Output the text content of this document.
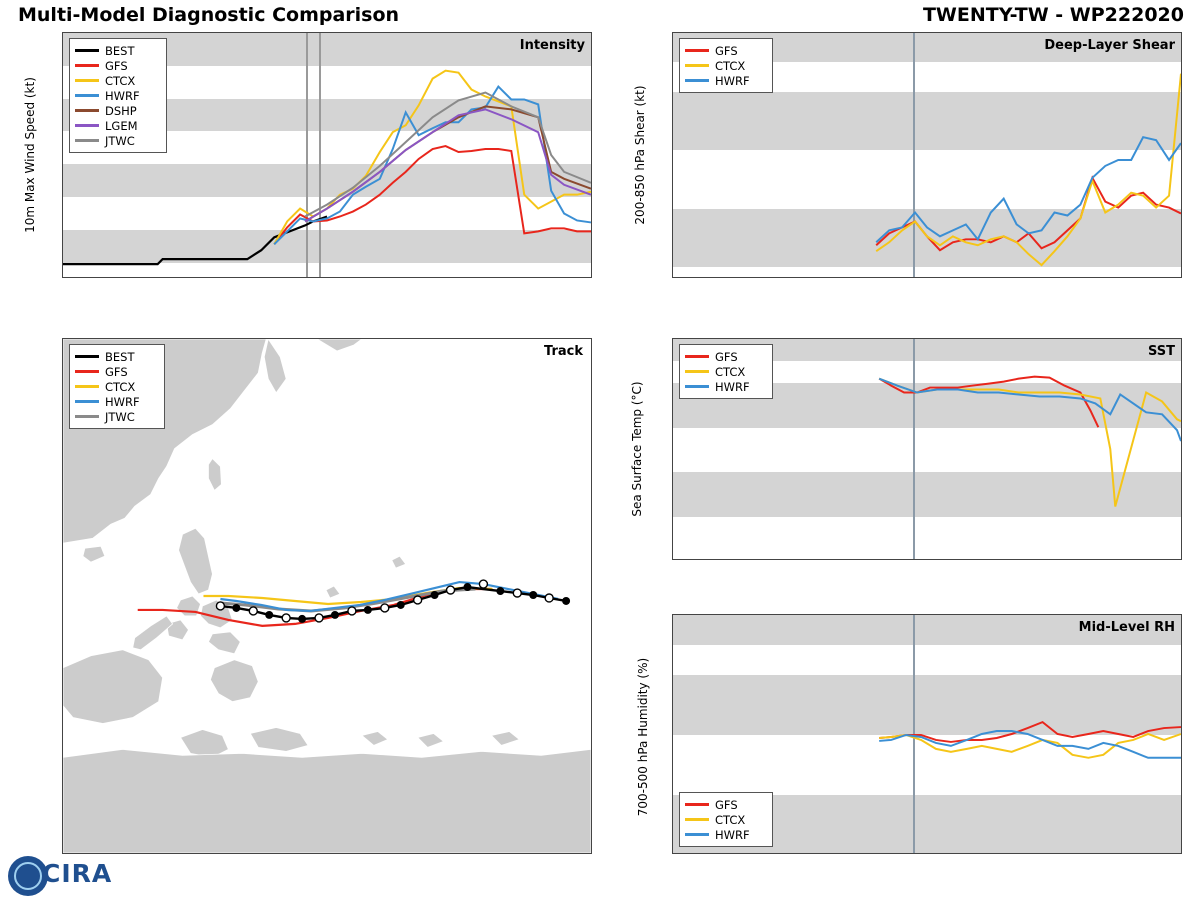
Multi-Model Diagnostic Comparison	TWENTY-TW - WP222020
Intensity
BEST
GFS
CTCX
HWRF
DSHP
LGEM
JTWC

10m Max Wind Speed (kt)
Track
BEST
GFS
CTCX
HWRF
JTWC
Deep-Layer Shear
GFS
CTCX
HWRF

200-850 hPa Shear (kt)
SST
GFS
CTCX
HWRF

Sea Surface Temp (°C)
Mid-Level RH
GFS
CTCX
HWRF

700-500 hPa Humidity (%)
CIRA
